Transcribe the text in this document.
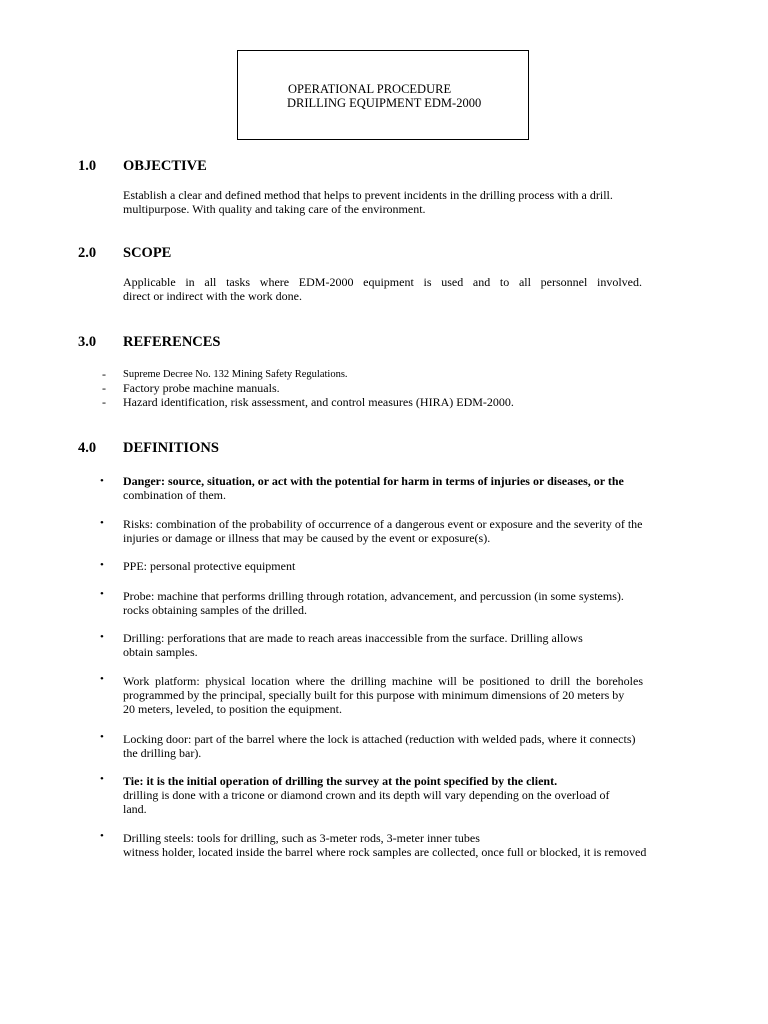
OPERATIONAL PROCEDURE
DRILLING EQUIPMENT EDM-2000
1.0 OBJECTIVE
Establish a clear and defined method that helps to prevent incidents in the drilling process with a drill.
multipurpose. With quality and taking care of the environment.
2.0 SCOPE
Applicable in all tasks where EDM-2000 equipment is used and to all personnel involved.
direct or indirect with the work done.
3.0 REFERENCES
- Supreme Decree No. 132 Mining Safety Regulations.
- Factory probe machine manuals.
- Hazard identification, risk assessment, and control measures (HIRA) EDM-2000.
4.0 DEFINITIONS
• Danger: source, situation, or act with the potential for harm in terms of injuries or diseases, or the
combination of them.
• Risks: combination of the probability of occurrence of a dangerous event or exposure and the severity of the
injuries or damage or illness that may be caused by the event or exposure(s).
• PPE: personal protective equipment
• Probe: machine that performs drilling through rotation, advancement, and percussion (in some systems).
rocks obtaining samples of the drilled.
• Drilling: perforations that are made to reach areas inaccessible from the surface. Drilling allows
obtain samples.
• Work platform: physical location where the drilling machine will be positioned to drill the boreholes
programmed by the principal, specially built for this purpose with minimum dimensions of 20 meters by
20 meters, leveled, to position the equipment.
• Locking door: part of the barrel where the lock is attached (reduction with welded pads, where it connects)
the drilling bar).
• Tie: it is the initial operation of drilling the survey at the point specified by the client.
drilling is done with a tricone or diamond crown and its depth will vary depending on the overload of
land.
• Drilling steels: tools for drilling, such as 3-meter rods, 3-meter inner tubes
witness holder, located inside the barrel where rock samples are collected, once full or blocked, it is removed
